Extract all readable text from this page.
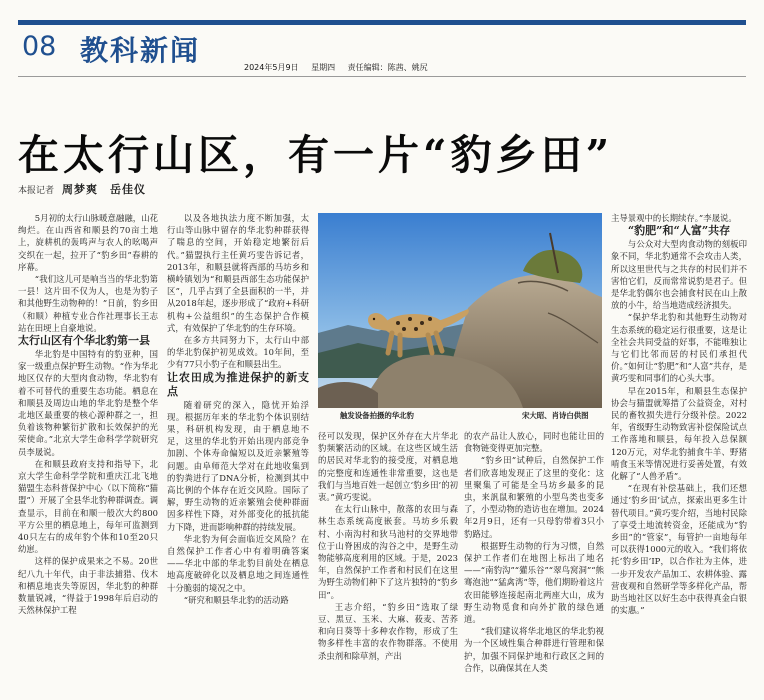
08 教科新闻
2024年5月9日 星期四 责任编辑：陈茜、姚尻
在太行山区，有一片“豹乡田”
本报记者 周梦爽　岳佳仪

5月初的太行山脉暖意融融，山花绚烂。在山西省和顺县约70亩土地上，旋耕机的轰鸣声与农人的吆喝声交织在一起，拉开了“豹乡田”春耕的序幕。

“我们这儿可是响当当的华北豹第一县！这片田不仅为人，也是为豹子和其他野生动物种的！”日前，豹乡田（和顺）种植专业合作社理事长王志站在田埂上自豪地说。

太行山区有个华北豹第一县

华北豹是中国特有的豹亚种，国家一级重点保护野生动物。“作为华北地区仅存的大型肉食动物，华北豹有着不可替代的重要生态功能。栖息在和顺县及周边山地的华北豹是整个华北地区最重要的核心源种群之一，担负着该物种繁衍扩散和长效保护的光荣使命。”北京大学生命科学学院研究员李晟说。

在和顺县政府支持和指导下，北京大学生命科学学院和重庆江北飞地猫盟生态科普保护中心（以下简称“猫盟”）开展了全县华北豹种群调查。调查显示，目前在和顺一般次大约800平方公里的栖息地上，每年可监测到40只左右的成年豹个体和10至20只幼崽。

这样的保护成果来之不易。20世纪八九十年代，由于非法捕猎、伐木和栖息地丧失等原因，华北豹的种群数量锐减，“得益于1998年后启动的天然林保护工程

以及各地执法力度不断加强，太行山等山脉中留存的华北豹种群获得了喘息的空间，开始稳定地繁衍后代。”猫盟执行主任黄巧雯告诉记者，2013年，和顺县就将西部的马坊乡和横岭镇划为“和顺县西部生态功能保护区”，几乎占到了全县面积的一半，并从2018年起，逐步形成了“政府+科研机构+公益组织”的生态保护合作模式，有效保护了华北豹的生存环境。

在多方共同努力下，太行山中部的华北豹保护初见成效。10年间，至少有77只小豹子在和顺县出生。

让农田成为推进保护的新支点

随着研究的深入，隐忧开始浮现。根据历年来的华北豹个体识别结果，科研机构发现，由于栖息地不足，这里的华北豹开始出现内部竞争加剧、个体寿命偏短以及近亲繁殖等问题。由阜师范大学对在此地收集到的豹粪进行了DNA分析，检测到其中高比例的个体存在近交风险。国际了解，野生动物的近亲繁殖会使种群面因多样性下降，对外部变化的抵抗能力下降，进而影响种群的持续发展。

华北豹为何会面临近交风险？在自然保护工作者心中有着明确答案——华北中部的华北豹目前处在栖息地高度破碎化以及栖息地之间连通性十分脆弱的境况之中。

“研究和顺县华北豹的活动路

触发设备拍摄的华北豹	宋大昭、肖诗白供图

径可以发现，保护区外存在大片华北豹频繁活动的区域。在这些区域生活的居民对华北豹的接受度，对栖息地的完整度和连通性非常重要，这也是我们与当地百姓一起创立‘豹乡田’的初衷。”黄巧雯说。

在太行山脉中，散落的农田与森林生态系统高度嵌套。马坊乡乐毅村、小南沟村和狄马池村的交界地带位于山脊困成的沟谷之中，是野生动物能够高度利用的区域。于是，2023年，自然保护工作者和村民们在这里为野生动物们种下了这片独特的“豹乡田”。

王志介绍，“豹乡田”选取了绿豆、黑豆、玉米、大麻、莜麦、苦荞和向日葵等十多种农作物，形成了生物多样性丰富的农作物群落。不使用杀虫剂和除草剂，产出

的农产品让人放心，同时也能让田的食物链变得更加完整。

“豹乡田”试种后，自然保护工作者们欣喜地发现正了这里的变化：这里聚集了可能是全马坊乡最多的昆虫，来訉鼠和繁殖的小型鸟类也变多了，小型动物的造访也在增加。2024年2月9日，还有一只母豹带着3只小豹路过。

根据野生动物的行为习惯，自然保护工作者们在地图上标出了地名——“南豹沟”“獾乐谷”“翠鸟窝洞”“熊骞泡池”“猛禽湾”等，他们期盼着这片农田能够连接起南北两座大山，成为野生动物觅食和向外扩散的绿色通道。

“我们建议将华北地区的华北豹视为一个区域性集合种群进行管理和保护，加强不同保护地和行政区之间的合作，以确保其在人类

主导景观中的长期续存。”李晟说。

“豹肥”和“人富”共存

与公众对大型肉食动物的刻板印象不同，华北豹通常不会攻击人类，所以这里世代与之共存的村民们并不害怕它们，反而常常说豹是君子。但是华北豹偶尔也会捕食村民在山上散放的小牛，给当地造成经济损失。

“保护华北豹和其他野生动物对生态系统的稳定运行很重要，这是让全社会共同受益的好事，不能唯独让与它们比邻而居的村民们承担代价。”如何让“豹肥”和“人富”共存，是黄巧雯和同事们的心头大事。

早在2015年，和顺县生态保护协会与猫盟就筹措了公益资金，对村民的畜牧损失进行分级补偿。2022年，省级野生动物致害补偿保险试点工作落地和顺县，每年投入总保额120万元，对华北豹捕食牛羊、野猪啃食玉米等情况进行妥善处置，有效化解了“人兽矛盾”。

“在现有补偿基础上，我们还想通过‘豹乡田’试点，探索出更多生计替代项目。”黄巧雯介绍，当地村民除了享受土地流转资金，还能成为“豹乡田”的“管家”，每管护一亩地每年可以获得1000元的收入。“我们将依托‘豹乡田’IP，以合作社为主体，进一步开发农产品加工、农耕体验、露营夜观和自然研学等多样化产品，帮助当地社区以好生态中获得真金白银的实惠。”
